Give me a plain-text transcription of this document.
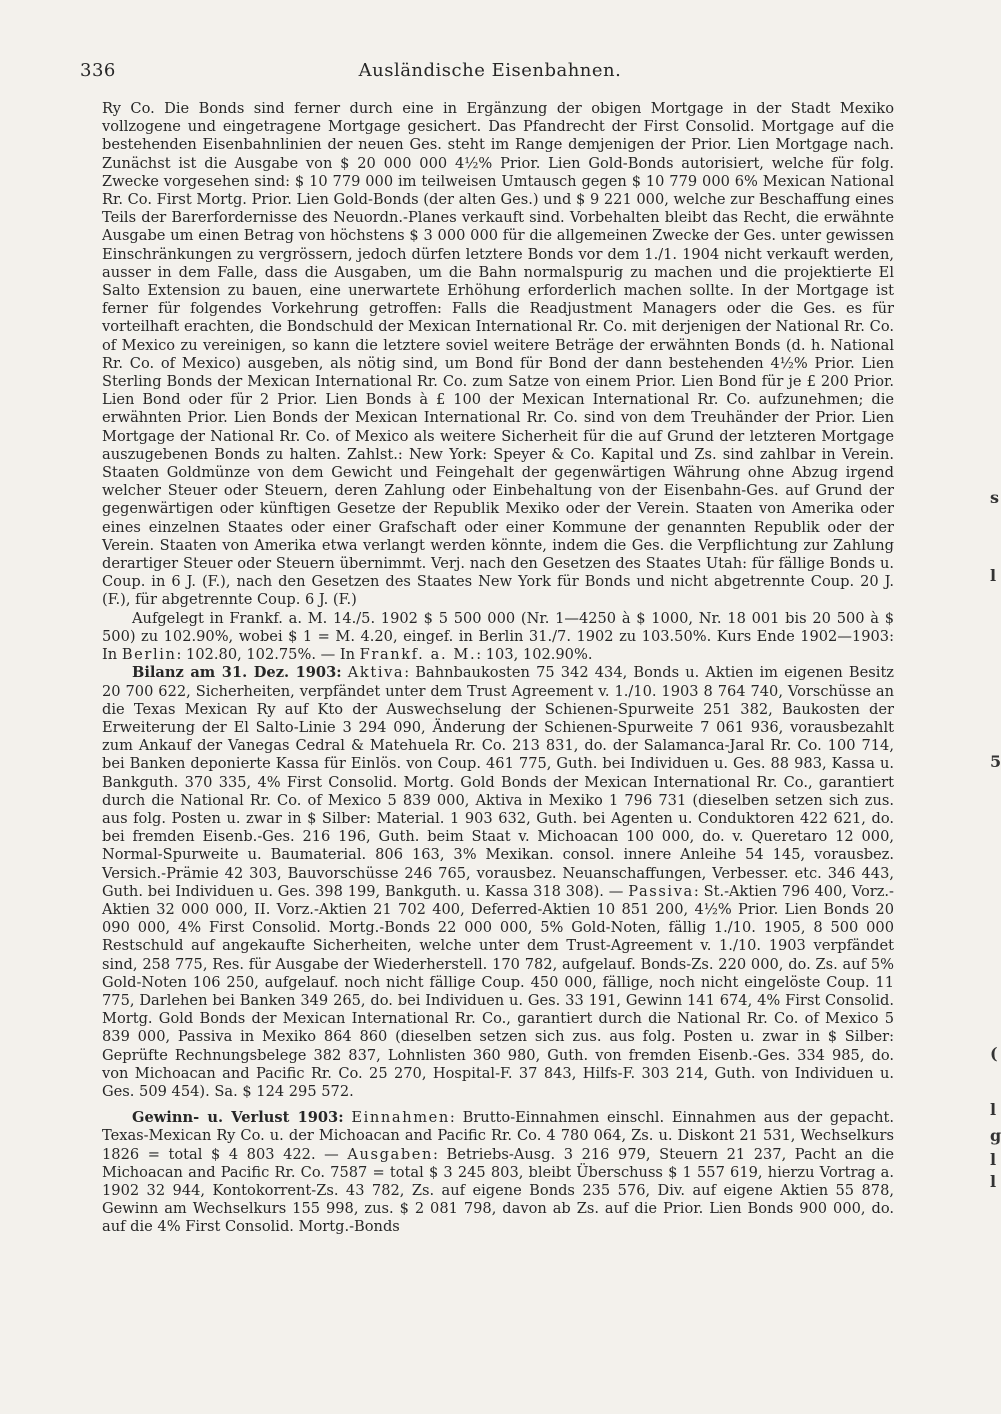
336	Ausländische Eisenbahnen.

Ry Co. Die Bonds sind ferner durch eine in Ergänzung der obigen Mortgage in der Stadt Mexiko vollzogene und eingetragene Mortgage gesichert. Das Pfandrecht der First Consolid. Mortgage auf die bestehenden Eisenbahnlinien der neuen Ges. steht im Range demjenigen der Prior. Lien Mortgage nach. Zunächst ist die Ausgabe von $ 20 000 000 4½% Prior. Lien Gold-Bonds autorisiert, welche für folg. Zwecke vorgesehen sind: $ 10 779 000 im teilweisen Umtausch gegen $ 10 779 000 6% Mexican National Rr. Co. First Mortg. Prior. Lien Gold-Bonds (der alten Ges.) und $ 9 221 000, welche zur Beschaffung eines Teils der Barerfordernisse des Neuordn.-Planes verkauft sind. Vorbehalten bleibt das Recht, die erwähnte Ausgabe um einen Betrag von höchstens $ 3 000 000 für die allgemeinen Zwecke der Ges. unter gewissen Einschränkungen zu vergrössern, jedoch dürfen letztere Bonds vor dem 1./1. 1904 nicht verkauft werden, ausser in dem Falle, dass die Ausgaben, um die Bahn normalspurig zu machen und die projektierte El Salto Extension zu bauen, eine unerwartete Erhöhung erforderlich machen sollte. In der Mortgage ist ferner für folgendes Vorkehrung getroffen: Falls die Readjustment Managers oder die Ges. es für vorteilhaft erachten, die Bondschuld der Mexican International Rr. Co. mit derjenigen der National Rr. Co. of Mexico zu vereinigen, so kann die letztere soviel weitere Beträge der erwähnten Bonds (d. h. National Rr. Co. of Mexico) ausgeben, als nötig sind, um Bond für Bond der dann bestehenden 4½% Prior. Lien Sterling Bonds der Mexican International Rr. Co. zum Satze von einem Prior. Lien Bond für je £ 200 Prior. Lien Bond oder für 2 Prior. Lien Bonds à £ 100 der Mexican International Rr. Co. aufzunehmen; die erwähnten Prior. Lien Bonds der Mexican International Rr. Co. sind von dem Treuhänder der Prior. Lien Mortgage der National Rr. Co. of Mexico als weitere Sicherheit für die auf Grund der letzteren Mortgage auszugebenen Bonds zu halten. Zahlst.: New York: Speyer & Co. Kapital und Zs. sind zahlbar in Verein. Staaten Goldmünze von dem Gewicht und Feingehalt der gegenwärtigen Währung ohne Abzug irgend welcher Steuer oder Steuern, deren Zahlung oder Einbehaltung von der Eisenbahn-Ges. auf Grund der gegenwärtigen oder künftigen Gesetze der Republik Mexiko oder der Verein. Staaten von Amerika oder eines einzelnen Staates oder einer Grafschaft oder einer Kommune der genannten Republik oder der Verein. Staaten von Amerika etwa verlangt werden könnte, indem die Ges. die Verpflichtung zur Zahlung derartiger Steuer oder Steuern übernimmt. Verj. nach den Gesetzen des Staates Utah: für fällige Bonds u. Coup. in 6 J. (F.), nach den Gesetzen des Staates New York für Bonds und nicht abgetrennte Coup. 20 J. (F.), für abgetrennte Coup. 6 J. (F.)

Aufgelegt in Frankf. a. M. 14./5. 1902 $ 5 500 000 (Nr. 1—4250 à $ 1000, Nr. 18 001 bis 20 500 à $ 500) zu 102.90%, wobei $ 1 = M. 4.20, eingef. in Berlin 31./7. 1902 zu 103.50%. Kurs Ende 1902—1903: In Berlin: 102.80, 102.75%. — In Frankf. a. M.: 103, 102.90%.

Bilanz am 31. Dez. 1903: Aktiva: Bahnbaukosten 75 342 434, Bonds u. Aktien im eigenen Besitz 20 700 622, Sicherheiten, verpfändet unter dem Trust Agreement v. 1./10. 1903 8 764 740, Vorschüsse an die Texas Mexican Ry auf Kto der Auswechselung der Schienen-Spurweite 251 382, Baukosten der Erweiterung der El Salto-Linie 3 294 090, Änderung der Schienen-Spurweite 7 061 936, vorausbezahlt zum Ankauf der Vanegas Cedral & Matehuela Rr. Co. 213 831, do. der Salamanca-Jaral Rr. Co. 100 714, bei Banken deponierte Kassa für Einlös. von Coup. 461 775, Guth. bei Individuen u. Ges. 88 983, Kassa u. Bankguth. 370 335, 4% First Consolid. Mortg. Gold Bonds der Mexican International Rr. Co., garantiert durch die National Rr. Co. of Mexico 5 839 000, Aktiva in Mexiko 1 796 731 (dieselben setzen sich zus. aus folg. Posten u. zwar in $ Silber: Material. 1 903 632, Guth. bei Agenten u. Conduktoren 422 621, do. bei fremden Eisenb.-Ges. 216 196, Guth. beim Staat v. Michoacan 100 000, do. v. Queretaro 12 000, Normal-Spurweite u. Baumaterial. 806 163, 3% Mexikan. consol. innere Anleihe 54 145, vorausbez. Versich.-Prämie 42 303, Bauvorschüsse 246 765, vorausbez. Neuanschaffungen, Verbesser. etc. 346 443, Guth. bei Individuen u. Ges. 398 199, Bankguth. u. Kassa 318 308). — Passiva: St.-Aktien 796 400, Vorz.-Aktien 32 000 000, II. Vorz.-Aktien 21 702 400, Deferred-Aktien 10 851 200, 4½% Prior. Lien Bonds 20 090 000, 4% First Consolid. Mortg.-Bonds 22 000 000, 5% Gold-Noten, fällig 1./10. 1905, 8 500 000 Restschuld auf angekaufte Sicherheiten, welche unter dem Trust-Agreement v. 1./10. 1903 verpfändet sind, 258 775, Res. für Ausgabe der Wiederherstell. 170 782, aufgelauf. Bonds-Zs. 220 000, do. Zs. auf 5% Gold-Noten 106 250, aufgelauf. noch nicht fällige Coup. 450 000, fällige, noch nicht eingelöste Coup. 11 775, Darlehen bei Banken 349 265, do. bei Individuen u. Ges. 33 191, Gewinn 141 674, 4% First Consolid. Mortg. Gold Bonds der Mexican International Rr. Co., garantiert durch die National Rr. Co. of Mexico 5 839 000, Passiva in Mexiko 864 860 (dieselben setzen sich zus. aus folg. Posten u. zwar in $ Silber: Geprüfte Rechnungsbelege 382 837, Lohnlisten 360 980, Guth. von fremden Eisenb.-Ges. 334 985, do. von Michoacan and Pacific Rr. Co. 25 270, Hospital-F. 37 843, Hilfs-F. 303 214, Guth. von Individuen u. Ges. 509 454). Sa. $ 124 295 572.

Gewinn- u. Verlust 1903: Einnahmen: Brutto-Einnahmen einschl. Einnahmen aus der gepacht. Texas-Mexican Ry Co. u. der Michoacan and Pacific Rr. Co. 4 780 064, Zs. u. Diskont 21 531, Wechselkurs 1826 = total $ 4 803 422. — Ausgaben: Betriebs-Ausg. 3 216 979, Steuern 21 237, Pacht an die Michoacan and Pacific Rr. Co. 7587 = total $ 3 245 803, bleibt Überschuss $ 1 557 619, hierzu Vortrag a. 1902 32 944, Kontokorrent-Zs. 43 782, Zs. auf eigene Bonds 235 576, Div. auf eigene Aktien 55 878, Gewinn am Wechselkurs 155 998, zus. $ 2 081 798, davon ab Zs. auf die Prior. Lien Bonds 900 000, do. auf die 4% First Consolid. Mortg.-Bonds

s
l
5
(
l
g
l
l
